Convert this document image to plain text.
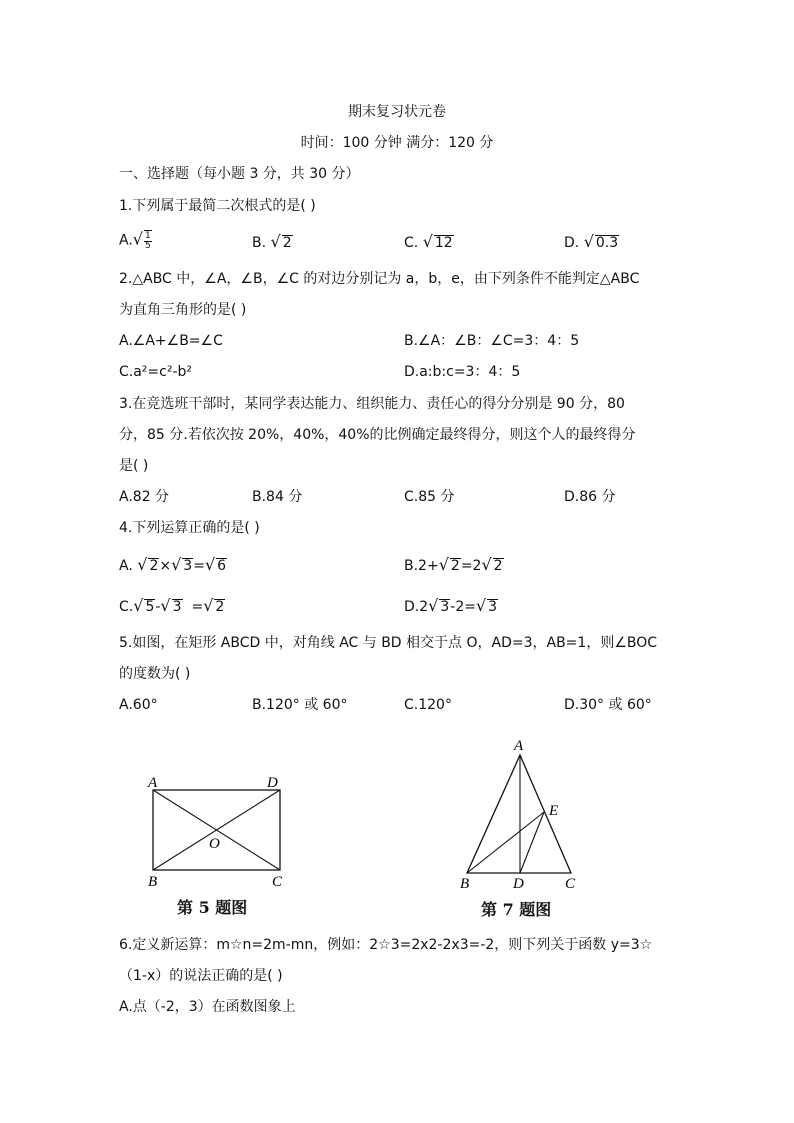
期末复习状元卷
时间：100 分钟 满分：120 分
一、选择题（每小题 3 分，共 30 分）
1.下列属于最简二次根式的是( )
$A.√ \frac{1}{5}$	B. √ 2	C. √ 12	D. √ 0.3
2.△ABC 中，∠A，∠B，∠C 的对边分别记为 a，b，e，由下列条件不能判定△ABC
为直角三角形的是( )
A.∠A+∠B=∠C	B.∠A：∠B：∠C=3：4：5
C.a²=c²-b²	D.a:b:c=3：4：5
3.在竞选班干部时，某同学表达能力、组织能力、责任心的得分分别是 90 分，80
分，85 分.若依次按 20%，40%，40%的比例确定最终得分，则这个人的最终得分
是( )
A.82 分	B.84 分	C.85 分	D.86 分
4.下列运算正确的是( )
A. √ 2×√ 3=√ 6	B.2+√ 2=2√ 2
C.√ 5-√ 3  =√ 2	D.2√ 3-2=√ 3
5.如图，在矩形 ABCD 中，对角线 AC 与 BD 相交于点 O，AD=3，AB=1，则∠BOC
的度数为( )
A.60°	B.120° 或 60°	C.120°	D.30° 或 60°
A	D
B	C
O
第 5 题图
A
E
B	D	C
第 7 题图
6.定义新运算：m☆n=2m-mn，例如：2☆3=2x2-2x3=-2，则下列关于函数 y=3☆
（1-x）的说法正确的是( )
A.点（-2，3）在函数图象上
